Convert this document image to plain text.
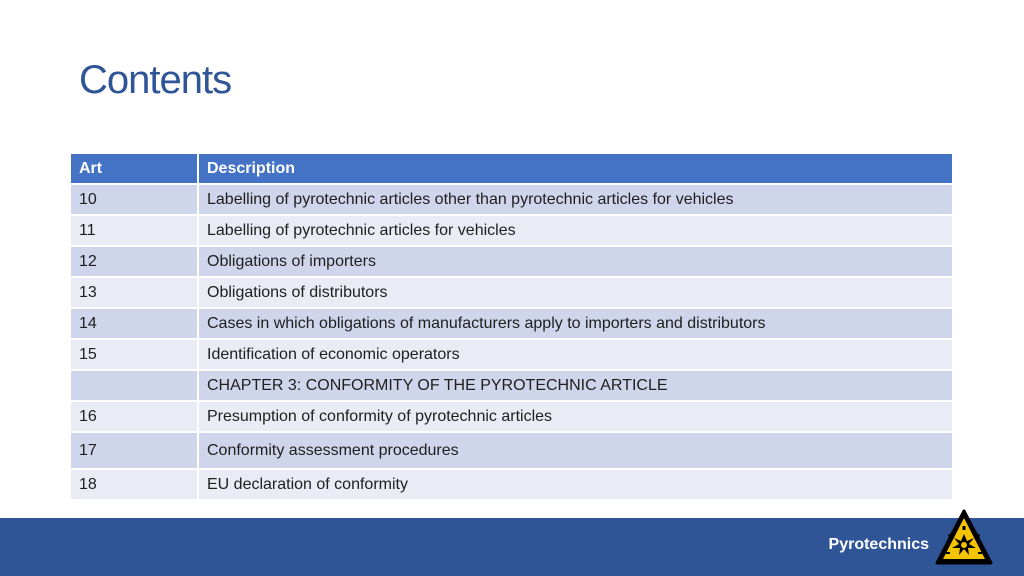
Contents
Art	Description
10	Labelling of pyrotechnic articles other than pyrotechnic articles for vehicles
11	Labelling of pyrotechnic articles for vehicles
12	Obligations of importers
13	Obligations of distributors
14	Cases in which obligations of manufacturers apply to importers and distributors
15	Identification of economic operators
	CHAPTER 3: CONFORMITY OF THE PYROTECHNIC ARTICLE
16	Presumption of conformity of pyrotechnic articles
17	Conformity assessment procedures
18	EU declaration of conformity
Pyrotechnics
